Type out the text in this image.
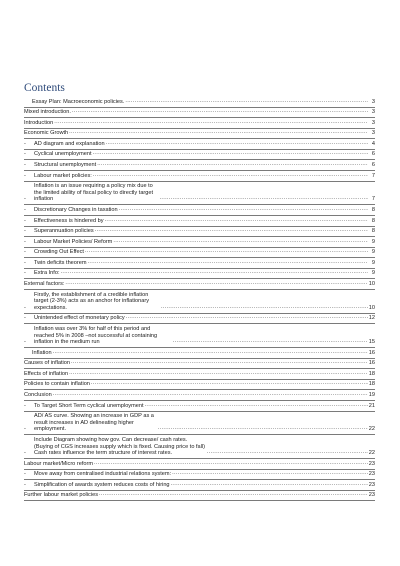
Contents
Essay Plan: Macroeconomic policies. .....	3
Mixed introduction. .....	3
Introduction .....	3
Economic Growth .....	3
-	AD diagram and explanation .....	4
-	Cyclical unemployment .....	6
-	Structural unemployment .....	6
-	Labour market policies: .....	7
-
Inflation is an issue requiring a policy mix due to the limited ability of fiscal policy to directly target inflation .....	7
-	Discretionary Changes in taxation .....	8
-	Effectiveness is hindered by .....	8
-	Superannuation policies .....	8
-	Labour Market Policies/ Reform .....	9
-	Crowding Out Effect .....	9
-	Twin deficits theorem .....	9
-	Extra Info: .....	9
External factors: .....	10
-
Firstly, the establishment of a credible inflation target (2-3%) acts as an anchor for inflationary expectations. .....	10
-	Unintended effect of monetary policy .....	12
-
Inflation was over 3% for half of this period and reached 5% in 2008 –not successful at containing inflation in the medium run .....	15
Inflation .....	16
Causes of inflation .....	16
Effects of inflation .....	18
Policies to contain inflation .....	18
Conclusion .....	19
-	To Target Short Term cyclical unemployment .....	21
-
AD/ AS curve. Showing an increase in GDP as a result increases in AD delineating higher employment. .....	22
-
Include Diagram showing how gov. Can decrease/ cash rates. (Buying of CGS increases supply which is fixed. Causing price to fall) Cash rates influence the term structure of interest rates. .....	22
Labour market/Micro reform .....	23
-	Move away from centralised industrial relations system: .....	23
-	Simplification of awards system reduces costs of hiring .....	23
Further labour market policies .....	23
